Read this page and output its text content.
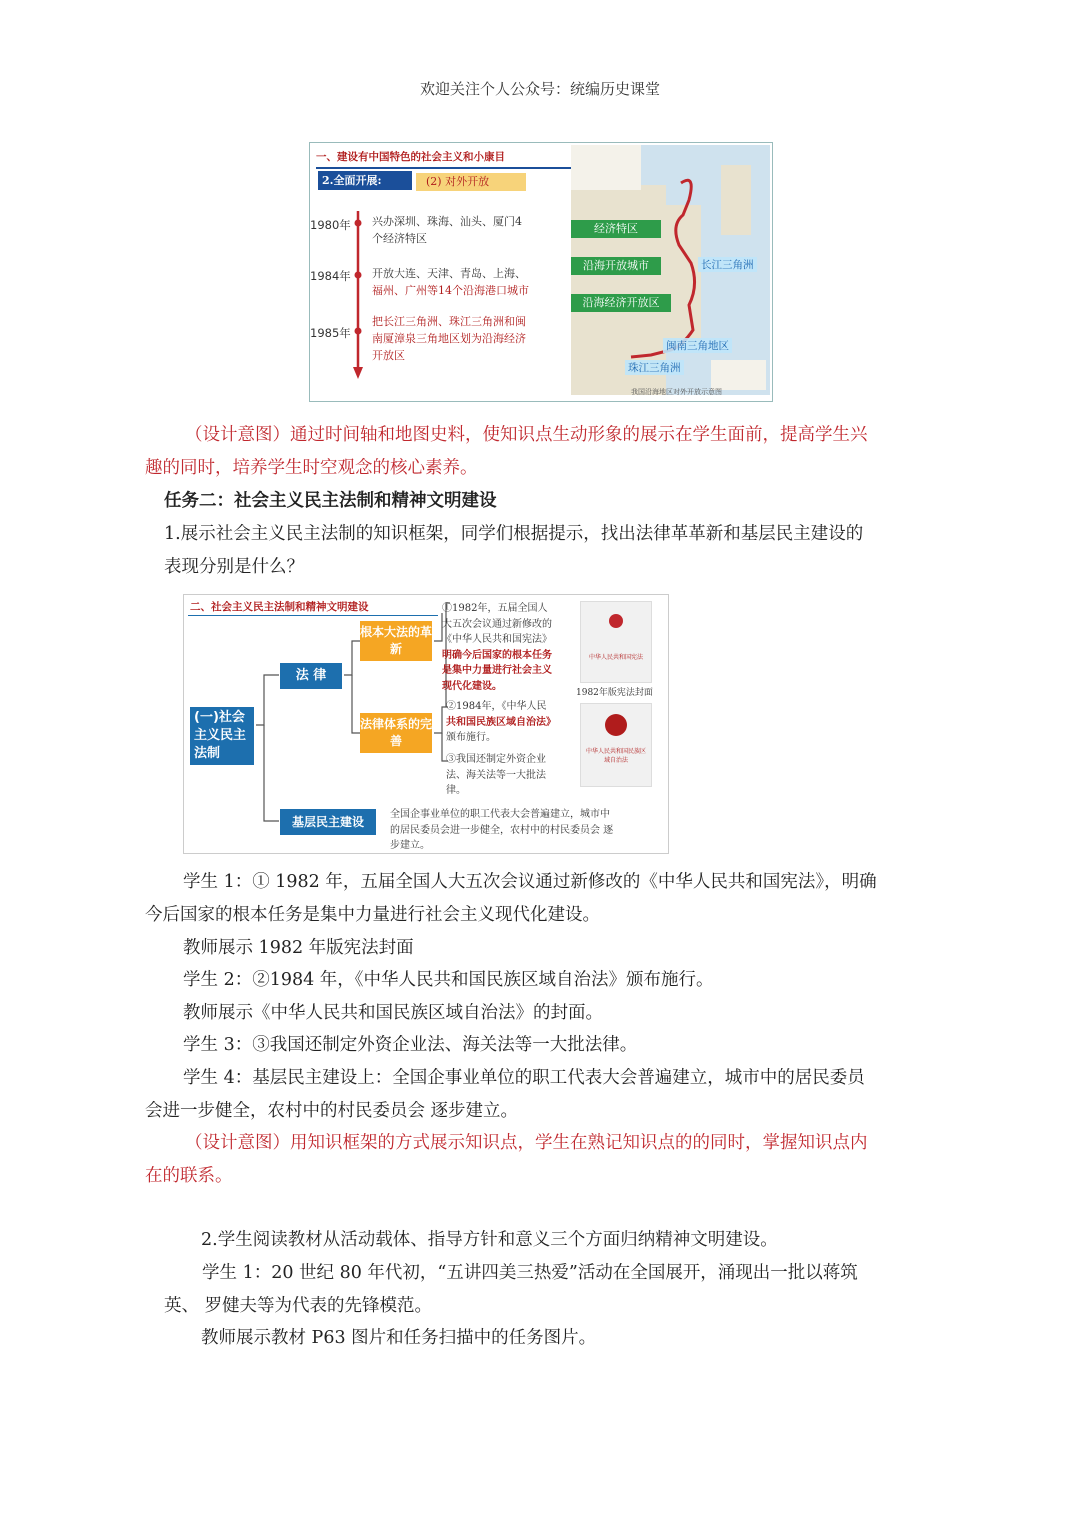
欢迎关注个人公众号：统编历史课堂
一、建设有中国特色的社会主义和小康目
2.全面开展:	(2) 对外开放
1980年 兴办深圳、珠海、汕头、厦门4
个经济特区
1984年 开放大连、天津、青岛、上海、
福州、广州等14个沿海港口城市
1985年
把长江三角洲、珠江三角洲和闽
南厦漳泉三角地区划为沿海经济
开放区
经济特区
沿海开放城市
沿海经济开放区
长江三角洲
闽南三角地区
珠江三角洲
我国沿海地区对外开放示意图
（设计意图）通过时间轴和地图史料，使知识点生动形象的展示在学生面前，提高学生兴
趣的同时，培养学生时空观念的核心素养。
任务二：社会主义民主法制和精神文明建设
1.展示社会主义民主法制的知识框架，同学们根据提示，找出法律革革新和基层民主建设的
表现分别是什么？
二、社会主义民主法制和精神文明建设
(一)社会主义民主法制
法 律
基层民主建设
根本大法的革新
法律体系的完善
①1982年，五届全国人
大五次会议通过新修改的
《中华人民共和国宪法》
明确今后国家的根本任务
是集中力量进行社会主义
现代化建设。
②1984年，《中华人民
共和国民族区域自治法》
颁布施行。
③我国还制定外资企业
法、海关法等一大批法
律。
全国企事业单位的职工代表大会普遍建立，城市中
的居民委员会进一步健全，农村中的村民委员会 逐
步建立。
中华人民共和国宪法
1982年版宪法封面
中华人民共和国民族区域自治法
学生 1：① 1982 年，五届全国人大五次会议通过新修改的《中华人民共和国宪法》，明确
今后国家的根本任务是集中力量进行社会主义现代化建设。
教师展示 1982 年版宪法封面
学生 2：②1984 年，《中华人民共和国民族区域自治法》颁布施行。
教师展示《中华人民共和国民族区域自治法》的封面。
学生 3：③我国还制定外资企业法、海关法等一大批法律。
学生 4：基层民主建设上：全国企事业单位的职工代表大会普遍建立，城市中的居民委员
会进一步健全，农村中的村民委员会 逐步建立。
（设计意图）用知识框架的方式展示知识点，学生在熟记知识点的的同时，掌握知识点内
在的联系。
2.学生阅读教材从活动载体、指导方针和意义三个方面归纳精神文明建设。
学生 1：20 世纪 80 年代初，“五讲四美三热爱”活动在全国展开，涌现出一批以蒋筑
英、 罗健夫等为代表的先锋模范。
教师展示教材 P63 图片和任务扫描中的任务图片。
